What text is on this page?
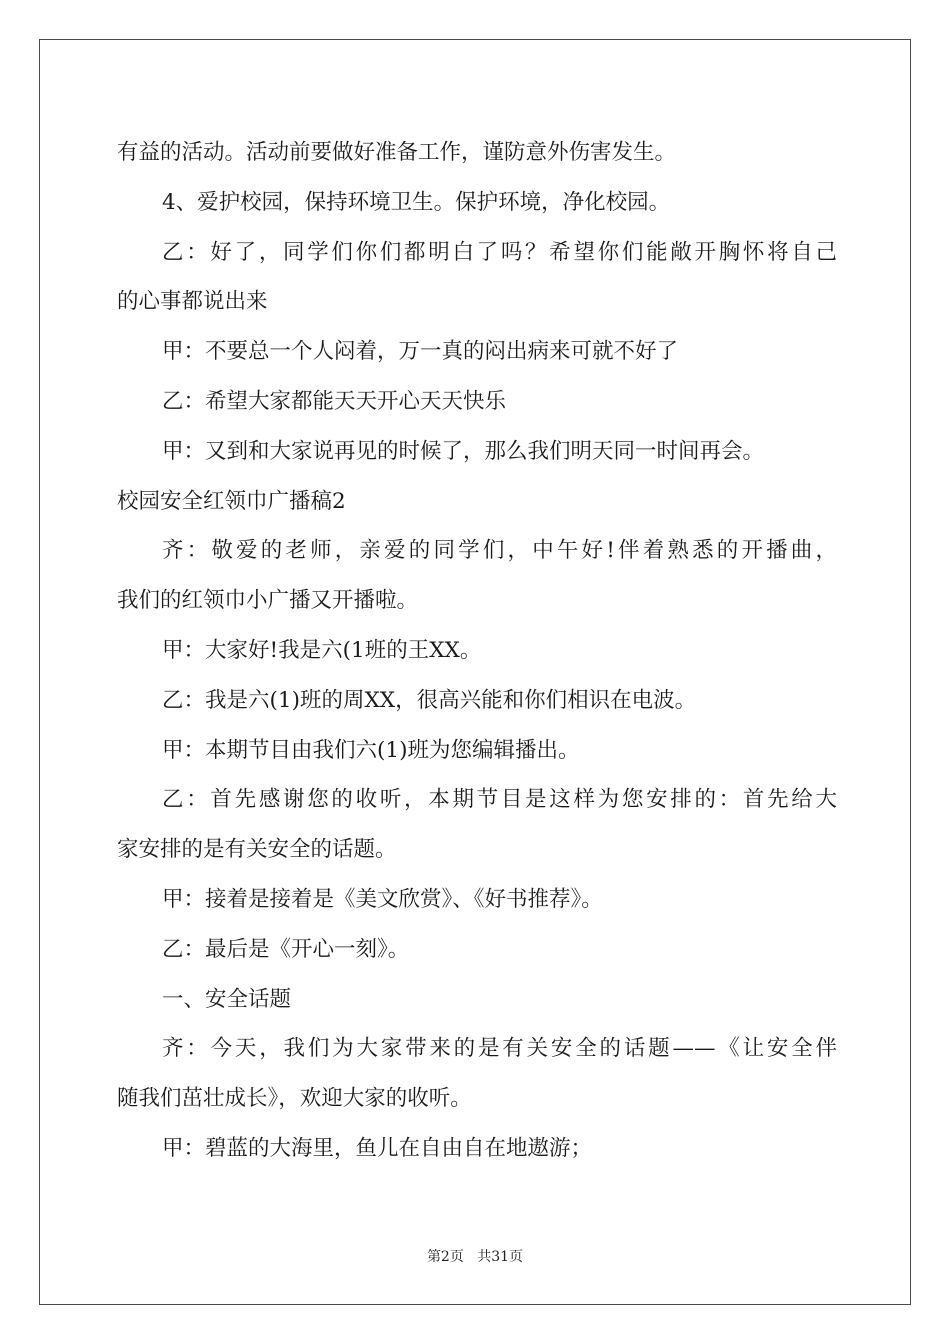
有益的活动。活动前要做好准备工作，谨防意外伤害发生。
4、爱护校园，保持环境卫生。保护环境，净化校园。
乙：好了，同学们你们都明白了吗？希望你们能敞开胸怀将自己
的心事都说出来
甲：不要总一个人闷着，万一真的闷出病来可就不好了
乙：希望大家都能天天开心天天快乐
甲：又到和大家说再见的时候了，那么我们明天同一时间再会。
校园安全红领巾广播稿2
齐：敬爱的老师，亲爱的同学们，中午好!伴着熟悉的开播曲，
我们的红领巾小广播又开播啦。
甲：大家好!我是六(1班的王XX。
乙：我是六(1)班的周XX，很高兴能和你们相识在电波。
甲：本期节目由我们六(1)班为您编辑播出。
乙：首先感谢您的收听，本期节目是这样为您安排的：首先给大
家安排的是有关安全的话题。
甲：接着是接着是《美文欣赏》、《好书推荐》。
乙：最后是《开心一刻》。
一、安全话题
齐：今天，我们为大家带来的是有关安全的话题——《让安全伴
随我们茁壮成长》，欢迎大家的收听。
甲：碧蓝的大海里，鱼儿在自由自在地遨游；
第2页 共31页
